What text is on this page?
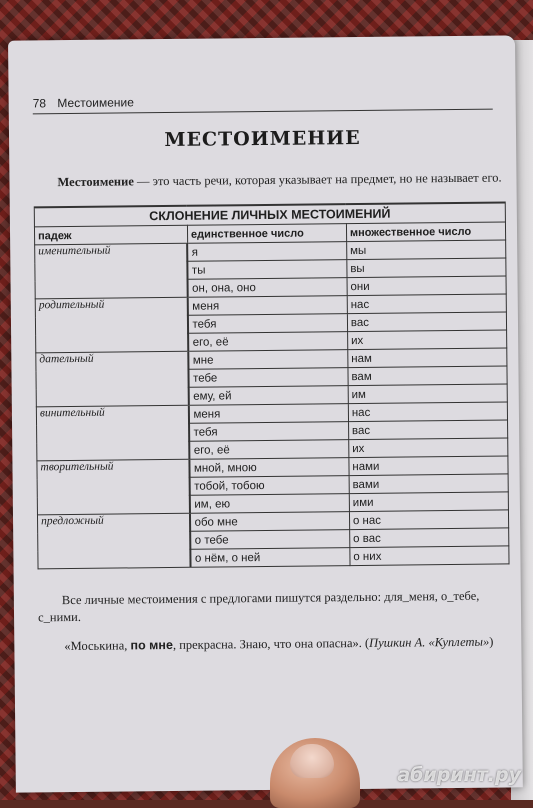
78 Местоимение
МЕСТОИМЕНИЕ
Местоимение — это часть речи, которая указывает на предмет, но не называет его.
СКЛОНЕНИЕ ЛИЧНЫХ МЕСТОИМЕНИЙ		
падеж	единственное число	множественное число
именительный	я	мы
	ты	вы
	он, она, оно	они
родительный	меня	нас
	тебя	вас
	его, её	их
дательный	мне	нам
	тебе	вам
	ему, ей	им
винительный	меня	нас
	тебя	вас
	его, её	их
творительный	мной, мною	нами
	тобой, тобою	вами
	им, ею	ими
предложный	обо мне	о нас
	о тебе	о вас
	о нём, о ней	о них
Все личные местоимения с предлогами пишутся раздельно: для_меня, о_тебе, с_ними.
«Моськина, по мне, прекрасна. Знаю, что она опасна». (Пушкин А. «Куплеты»)
абиринт.ру
